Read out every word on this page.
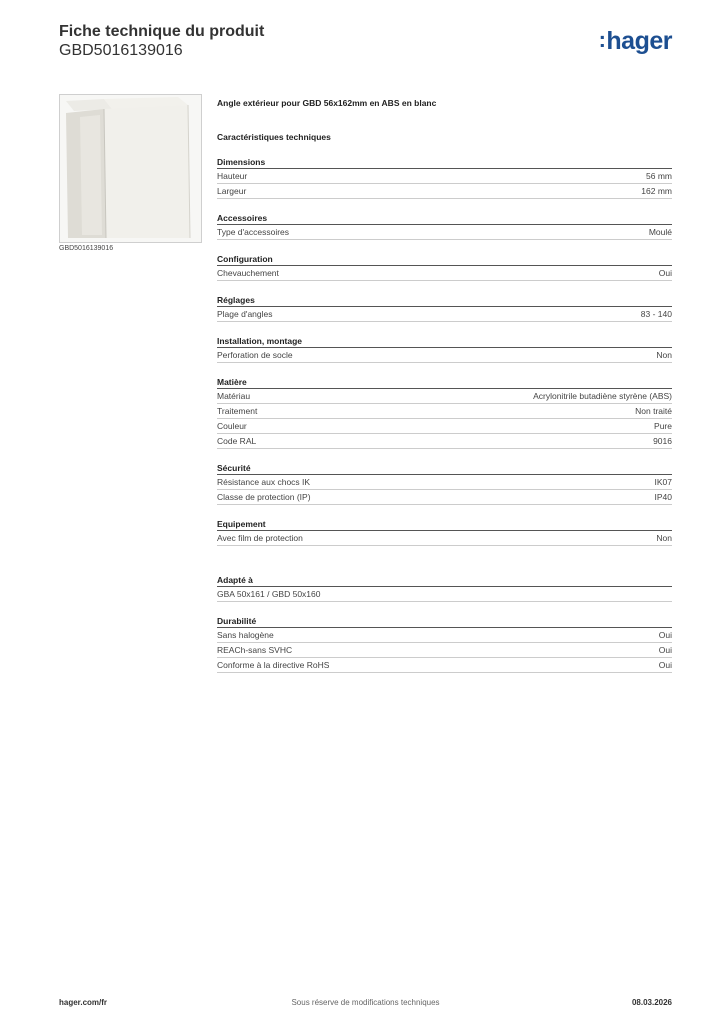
Fiche technique du produit
GBD5016139016	:hager
GBD5016139016
Angle extérieur pour GBD 56x162mm en ABS en blanc
Caractéristiques techniques
Dimensions
Hauteur	56 mm
Largeur	162 mm
Accessoires
Type d'accessoires	Moulé
Configuration
Chevauchement	Oui
Réglages
Plage d'angles	83 - 140
Installation, montage
Perforation de socle	Non
Matière
Matériau	Acrylonitrile butadiène styrène (ABS)
Traitement	Non traité
Couleur	Pure
Code RAL	9016
Sécurité
Résistance aux chocs IK	IK07
Classe de protection (IP)	IP40
Equipement
Avec film de protection	Non
Adapté à
GBA 50x161 / GBD 50x160
Durabilité
Sans halogène	Oui
REACh-sans SVHC	Oui
Conforme à la directive RoHS	Oui
hager.com/fr	Sous réserve de modifications techniques	08.03.2026
